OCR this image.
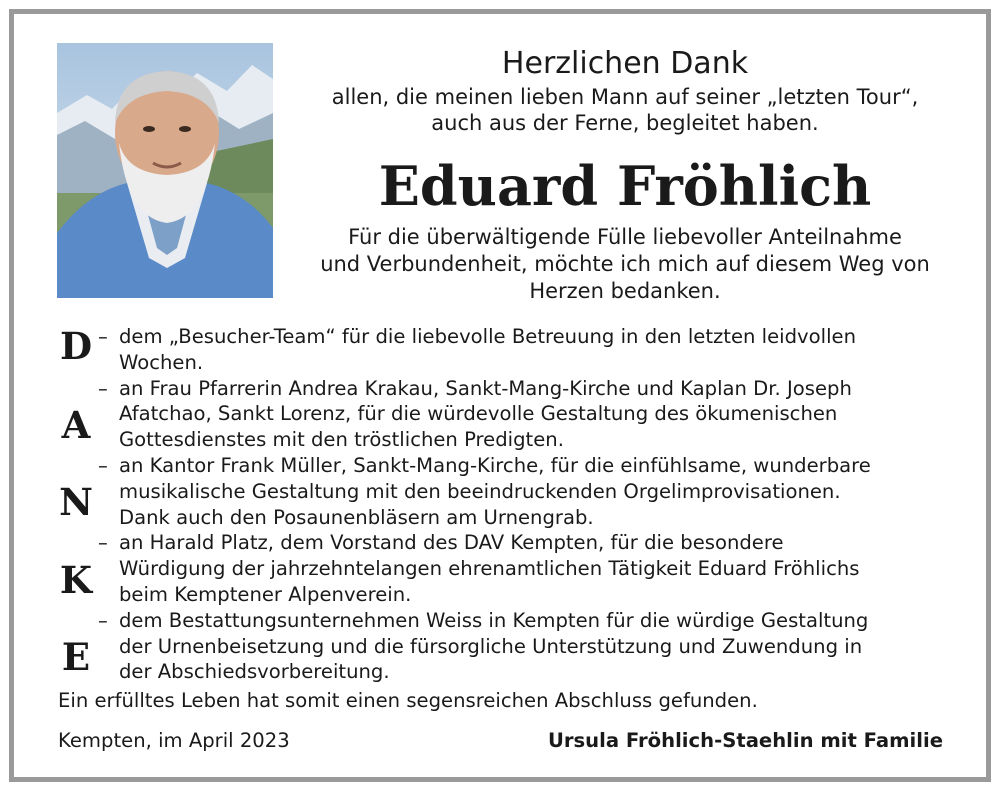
Herzlichen Dank
allen, die meinen lieben Mann auf seiner „letzten Tour“,
auch aus der Ferne, begleitet haben.
Eduard Fröhlich
Für die überwältigende Fülle liebevoller Anteilnahme
und Verbundenheit, möchte ich mich auf diesem Weg von
Herzen bedanken.
D
A
N
K
E
– dem „Besucher-Team“ für die liebevolle Betreuung in den letzten leidvollen
Wochen.
– an Frau Pfarrerin Andrea Krakau, Sankt-Mang-Kirche und Kaplan Dr. Joseph
Afatchao, Sankt Lorenz, für die würdevolle Gestaltung des ökumenischen
Gottesdienstes mit den tröstlichen Predigten.
– an Kantor Frank Müller, Sankt-Mang-Kirche, für die einfühlsame, wunderbare
musikalische Gestaltung mit den beeindruckenden Orgelimprovisationen.
Dank auch den Posaunenbläsern am Urnengrab.
– an Harald Platz, dem Vorstand des DAV Kempten, für die besondere
Würdigung der jahrzehntelangen ehrenamtlichen Tätigkeit Eduard Fröhlichs
beim Kemptener Alpenverein.
– dem Bestattungsunternehmen Weiss in Kempten für die würdige Gestaltung
der Urnenbeisetzung und die fürsorgliche Unterstützung und Zuwendung in
der Abschiedsvorbereitung.
Ein erfülltes Leben hat somit einen segensreichen Abschluss gefunden.
Kempten, im April 2023	Ursula Fröhlich-Staehlin mit Familie
